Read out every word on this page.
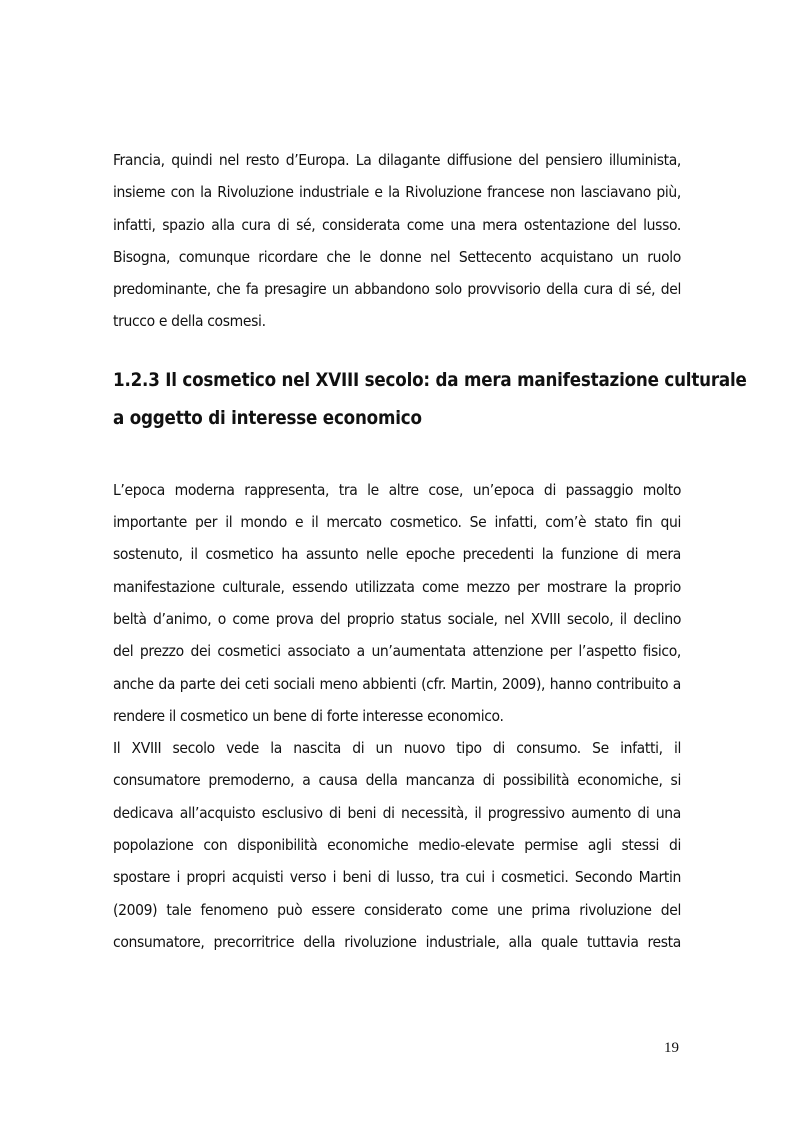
Francia, quindi nel resto d’Europa. La dilagante diffusione del pensiero illuminista,
insieme con la Rivoluzione industriale e la Rivoluzione francese non lasciavano più,
infatti, spazio alla cura di sé, considerata come una mera ostentazione del lusso.
Bisogna, comunque ricordare che le donne nel Settecento acquistano un ruolo
predominante, che fa presagire un abbandono solo provvisorio della cura di sé, del
trucco e della cosmesi.

1.2.3 Il cosmetico nel XVIII secolo: da mera manifestazione culturale
a oggetto di interesse economico

L’epoca moderna rappresenta, tra le altre cose, un’epoca di passaggio molto
importante per il mondo e il mercato cosmetico. Se infatti, com’è stato fin qui
sostenuto, il cosmetico ha assunto nelle epoche precedenti la funzione di mera
manifestazione culturale, essendo utilizzata come mezzo per mostrare la proprio
beltà d’animo, o come prova del proprio status sociale, nel XVIII secolo, il declino
del prezzo dei cosmetici associato a un’aumentata attenzione per l’aspetto fisico,
anche da parte dei ceti sociali meno abbienti (cfr. Martin, 2009), hanno contribuito a
rendere il cosmetico un bene di forte interesse economico.

Il XVIII secolo vede la nascita di un nuovo tipo di consumo. Se infatti, il
consumatore premoderno, a causa della mancanza di possibilità economiche, si
dedicava all’acquisto esclusivo di beni di necessità, il progressivo aumento di una
popolazione con disponibilità economiche medio-elevate permise agli stessi di
spostare i propri acquisti verso i beni di lusso, tra cui i cosmetici. Secondo Martin
(2009) tale fenomeno può essere considerato come une prima rivoluzione del
consumatore, precorritrice della rivoluzione industriale, alla quale tuttavia resta

19
